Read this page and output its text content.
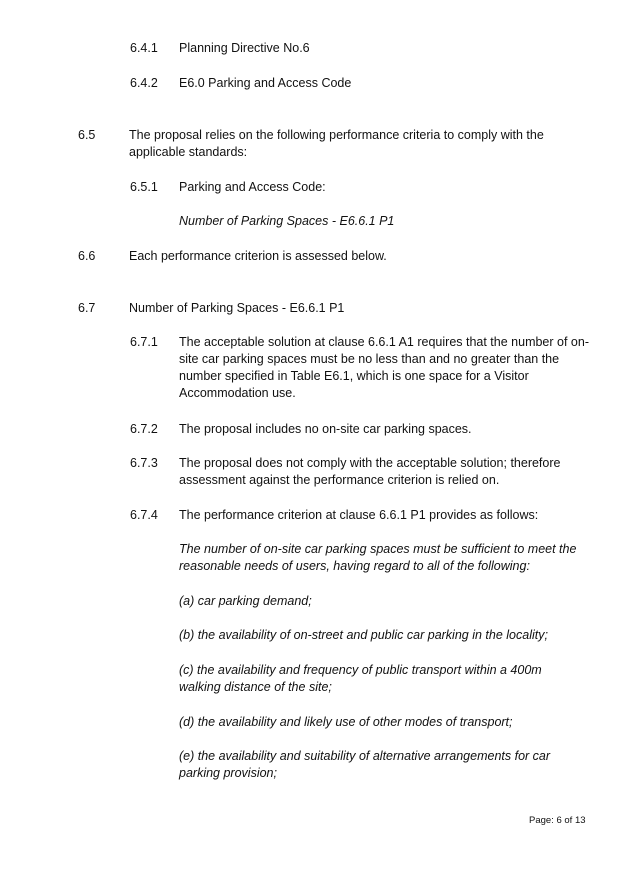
6.4.1 Planning Directive No.6
6.4.2 E6.0 Parking and Access Code
6.5	The proposal relies on the following performance criteria to comply with the
applicable standards:
6.5.1 Parking and Access Code:
Number of Parking Spaces - E6.6.1 P1
6.6	Each performance criterion is assessed below.
6.7	Number of Parking Spaces - E6.6.1 P1
6.7.1 The acceptable solution at clause 6.6.1 A1 requires that the number of on-
site car parking spaces must be no less than and no greater than the
number specified in Table E6.1, which is one space for a Visitor
Accommodation use.
6.7.2 The proposal includes no on-site car parking spaces.
6.7.3 The proposal does not comply with the acceptable solution; therefore
assessment against the performance criterion is relied on.
6.7.4 The performance criterion at clause 6.6.1 P1 provides as follows:
The number of on-site car parking spaces must be sufficient to meet the
reasonable needs of users, having regard to all of the following:
(a) car parking demand;
(b) the availability of on-street and public car parking in the locality;
(c) the availability and frequency of public transport within a 400m
walking distance of the site;
(d) the availability and likely use of other modes of transport;
(e) the availability and suitability of alternative arrangements for car
parking provision;
Page: 6 of 13
